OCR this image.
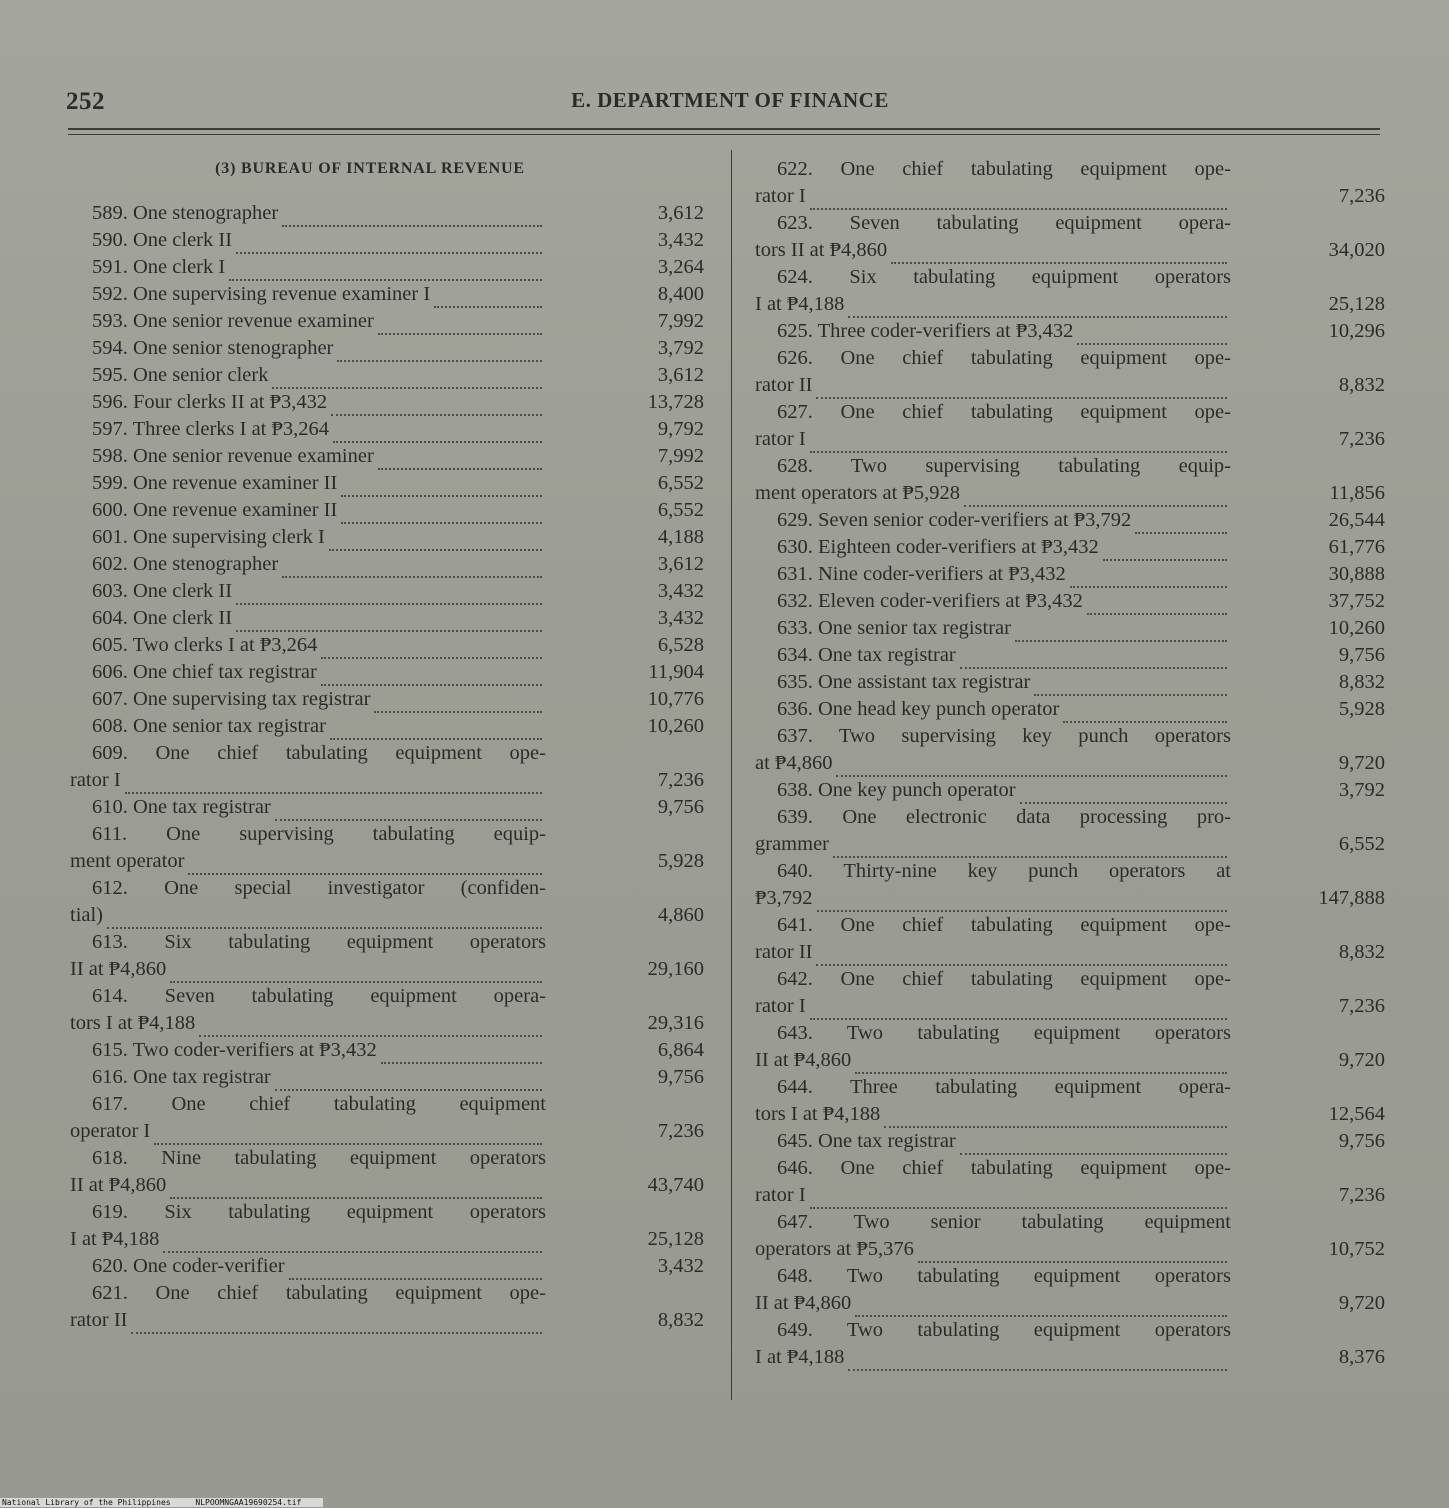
252	E. DEPARTMENT OF FINANCE
(3) BUREAU OF INTERNAL REVENUE
589. One stenographer	3,612
590. One clerk II	3,432
591. One clerk I	3,264
592. One supervising revenue examiner I	8,400
593. One senior revenue examiner	7,992
594. One senior stenographer	3,792
595. One senior clerk	3,612
596. Four clerks II at ₱3,432	13,728
597. Three clerks I at ₱3,264	9,792
598. One senior revenue examiner	7,992
599. One revenue examiner II	6,552
600. One revenue examiner II	6,552
601. One supervising clerk I	4,188
602. One stenographer	3,612
603. One clerk II	3,432
604. One clerk II	3,432
605. Two clerks I at ₱3,264	6,528
606. One chief tax registrar	11,904
607. One supervising tax registrar	10,776
608. One senior tax registrar	10,260
609. One chief tabulating equipment ope-
rator I	7,236
610. One tax registrar	9,756
611. One supervising tabulating equip-
ment operator	5,928
612. One special investigator (confiden-
tial)	4,860
613. Six tabulating equipment operators
II at ₱4,860	29,160
614. Seven tabulating equipment opera-
tors I at ₱4,188	29,316
615. Two coder-verifiers at ₱3,432	6,864
616. One tax registrar	9,756
617. One chief tabulating equipment
operator I	7,236
618. Nine tabulating equipment operators
II at ₱4,860	43,740
619. Six tabulating equipment operators
I at ₱4,188	25,128
620. One coder-verifier	3,432
621. One chief tabulating equipment ope-
rator II	8,832
622. One chief tabulating equipment ope-
rator I	7,236
623. Seven tabulating equipment opera-
tors II at ₱4,860	34,020
624. Six tabulating equipment operators
I at ₱4,188	25,128
625. Three coder-verifiers at ₱3,432	10,296
626. One chief tabulating equipment ope-
rator II	8,832
627. One chief tabulating equipment ope-
rator I	7,236
628. Two supervising tabulating equip-
ment operators at ₱5,928	11,856
629. Seven senior coder-verifiers at ₱3,792	26,544
630. Eighteen coder-verifiers at ₱3,432	61,776
631. Nine coder-verifiers at ₱3,432	30,888
632. Eleven coder-verifiers at ₱3,432	37,752
633. One senior tax registrar	10,260
634. One tax registrar	9,756
635. One assistant tax registrar	8,832
636. One head key punch operator	5,928
637. Two supervising key punch operators
at ₱4,860	9,720
638. One key punch operator	3,792
639. One electronic data processing pro-
grammer	6,552
640. Thirty-nine key punch operators at
₱3,792	147,888
641. One chief tabulating equipment ope-
rator II	8,832
642. One chief tabulating equipment ope-
rator I	7,236
643. Two tabulating equipment operators
II at ₱4,860	9,720
644. Three tabulating equipment opera-
tors I at ₱4,188	12,564
645. One tax registrar	9,756
646. One chief tabulating equipment ope-
rator I	7,236
647. Two senior tabulating equipment
operators at ₱5,376	10,752
648. Two tabulating equipment operators
II at ₱4,860	9,720
649. Two tabulating equipment operators
I at ₱4,188	8,376
National Library of the Philippines	NLPOOMNGAA19690254.tif
